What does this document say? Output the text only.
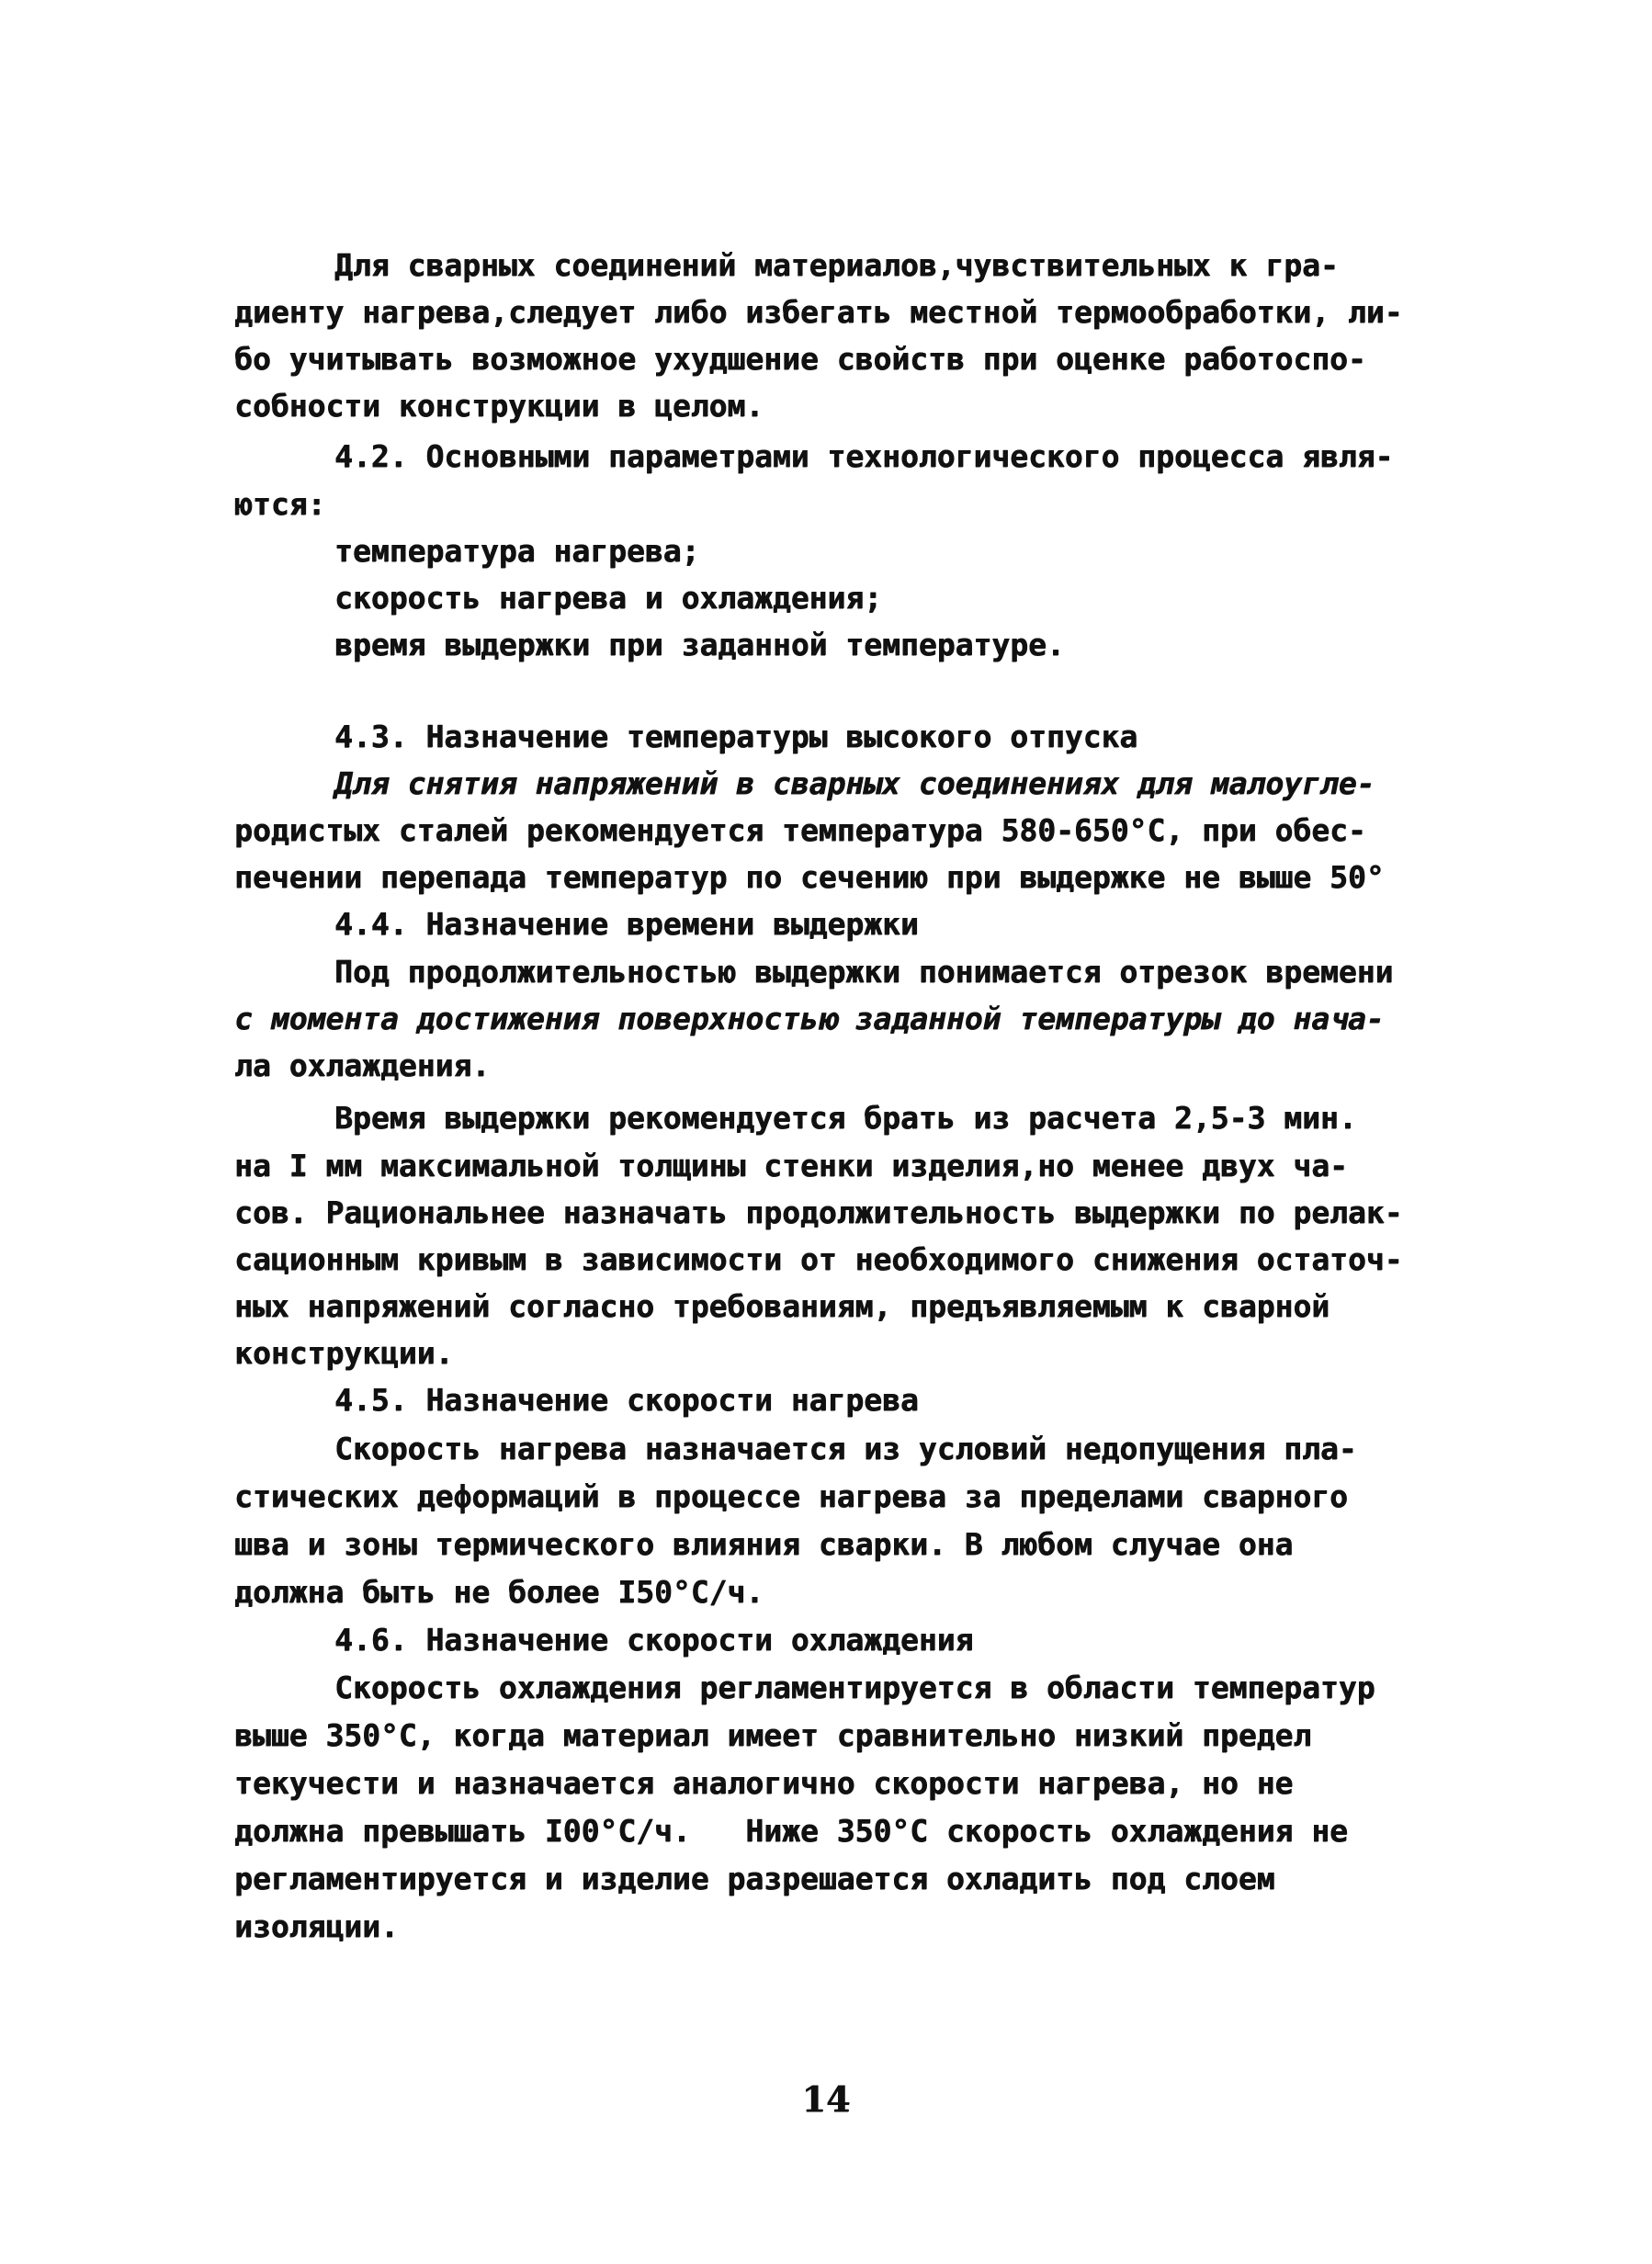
Для сварных соединений материалов,чувствительных к гра-
диенту нагрева,следует либо избегать местной термообработки, ли-
бо учитывать возможное ухудшение свойств при оценке работоспо-
собности конструкции в целом.
4.2. Основными параметрами технологического процесса явля-
ются:
температура нагрева;
скорость нагрева и охлаждения;
время выдержки при заданной температуре.
4.3. Назначение температуры высокого отпуска
Для снятия напряжений в сварных соединениях для малоугле-
родистых сталей рекомендуется температура 580-650°С, при обес-
печении перепада температур по сечению при выдержке не выше 50°
4.4. Назначение времени выдержки
Под продолжительностью выдержки понимается отрезок времени
с момента достижения поверхностью заданной температуры до нача-
ла охлаждения.
Время выдержки рекомендуется брать из расчета 2,5-3 мин.
на I мм максимальной толщины стенки изделия,но менее двух ча-
сов. Рациональнее назначать продолжительность выдержки по релак-
сационным кривым в зависимости от необходимого снижения остаточ-
ных напряжений согласно требованиям, предъявляемым к сварной
конструкции.
4.5. Назначение скорости нагрева
Скорость нагрева назначается из условий недопущения пла-
стических деформаций в процессе нагрева за пределами сварного
шва и зоны термического влияния сварки. В любом случае она
должна быть не более I50°С/ч.
4.6. Назначение скорости охлаждения
Скорость охлаждения регламентируется в области температур
выше 350°С, когда материал имеет сравнительно низкий предел
текучести и назначается аналогично скорости нагрева, но не
должна превышать I00°С/ч.   Ниже 350°С скорость охлаждения не
регламентируется и изделие разрешается охладить под слоем
изоляции.
14
